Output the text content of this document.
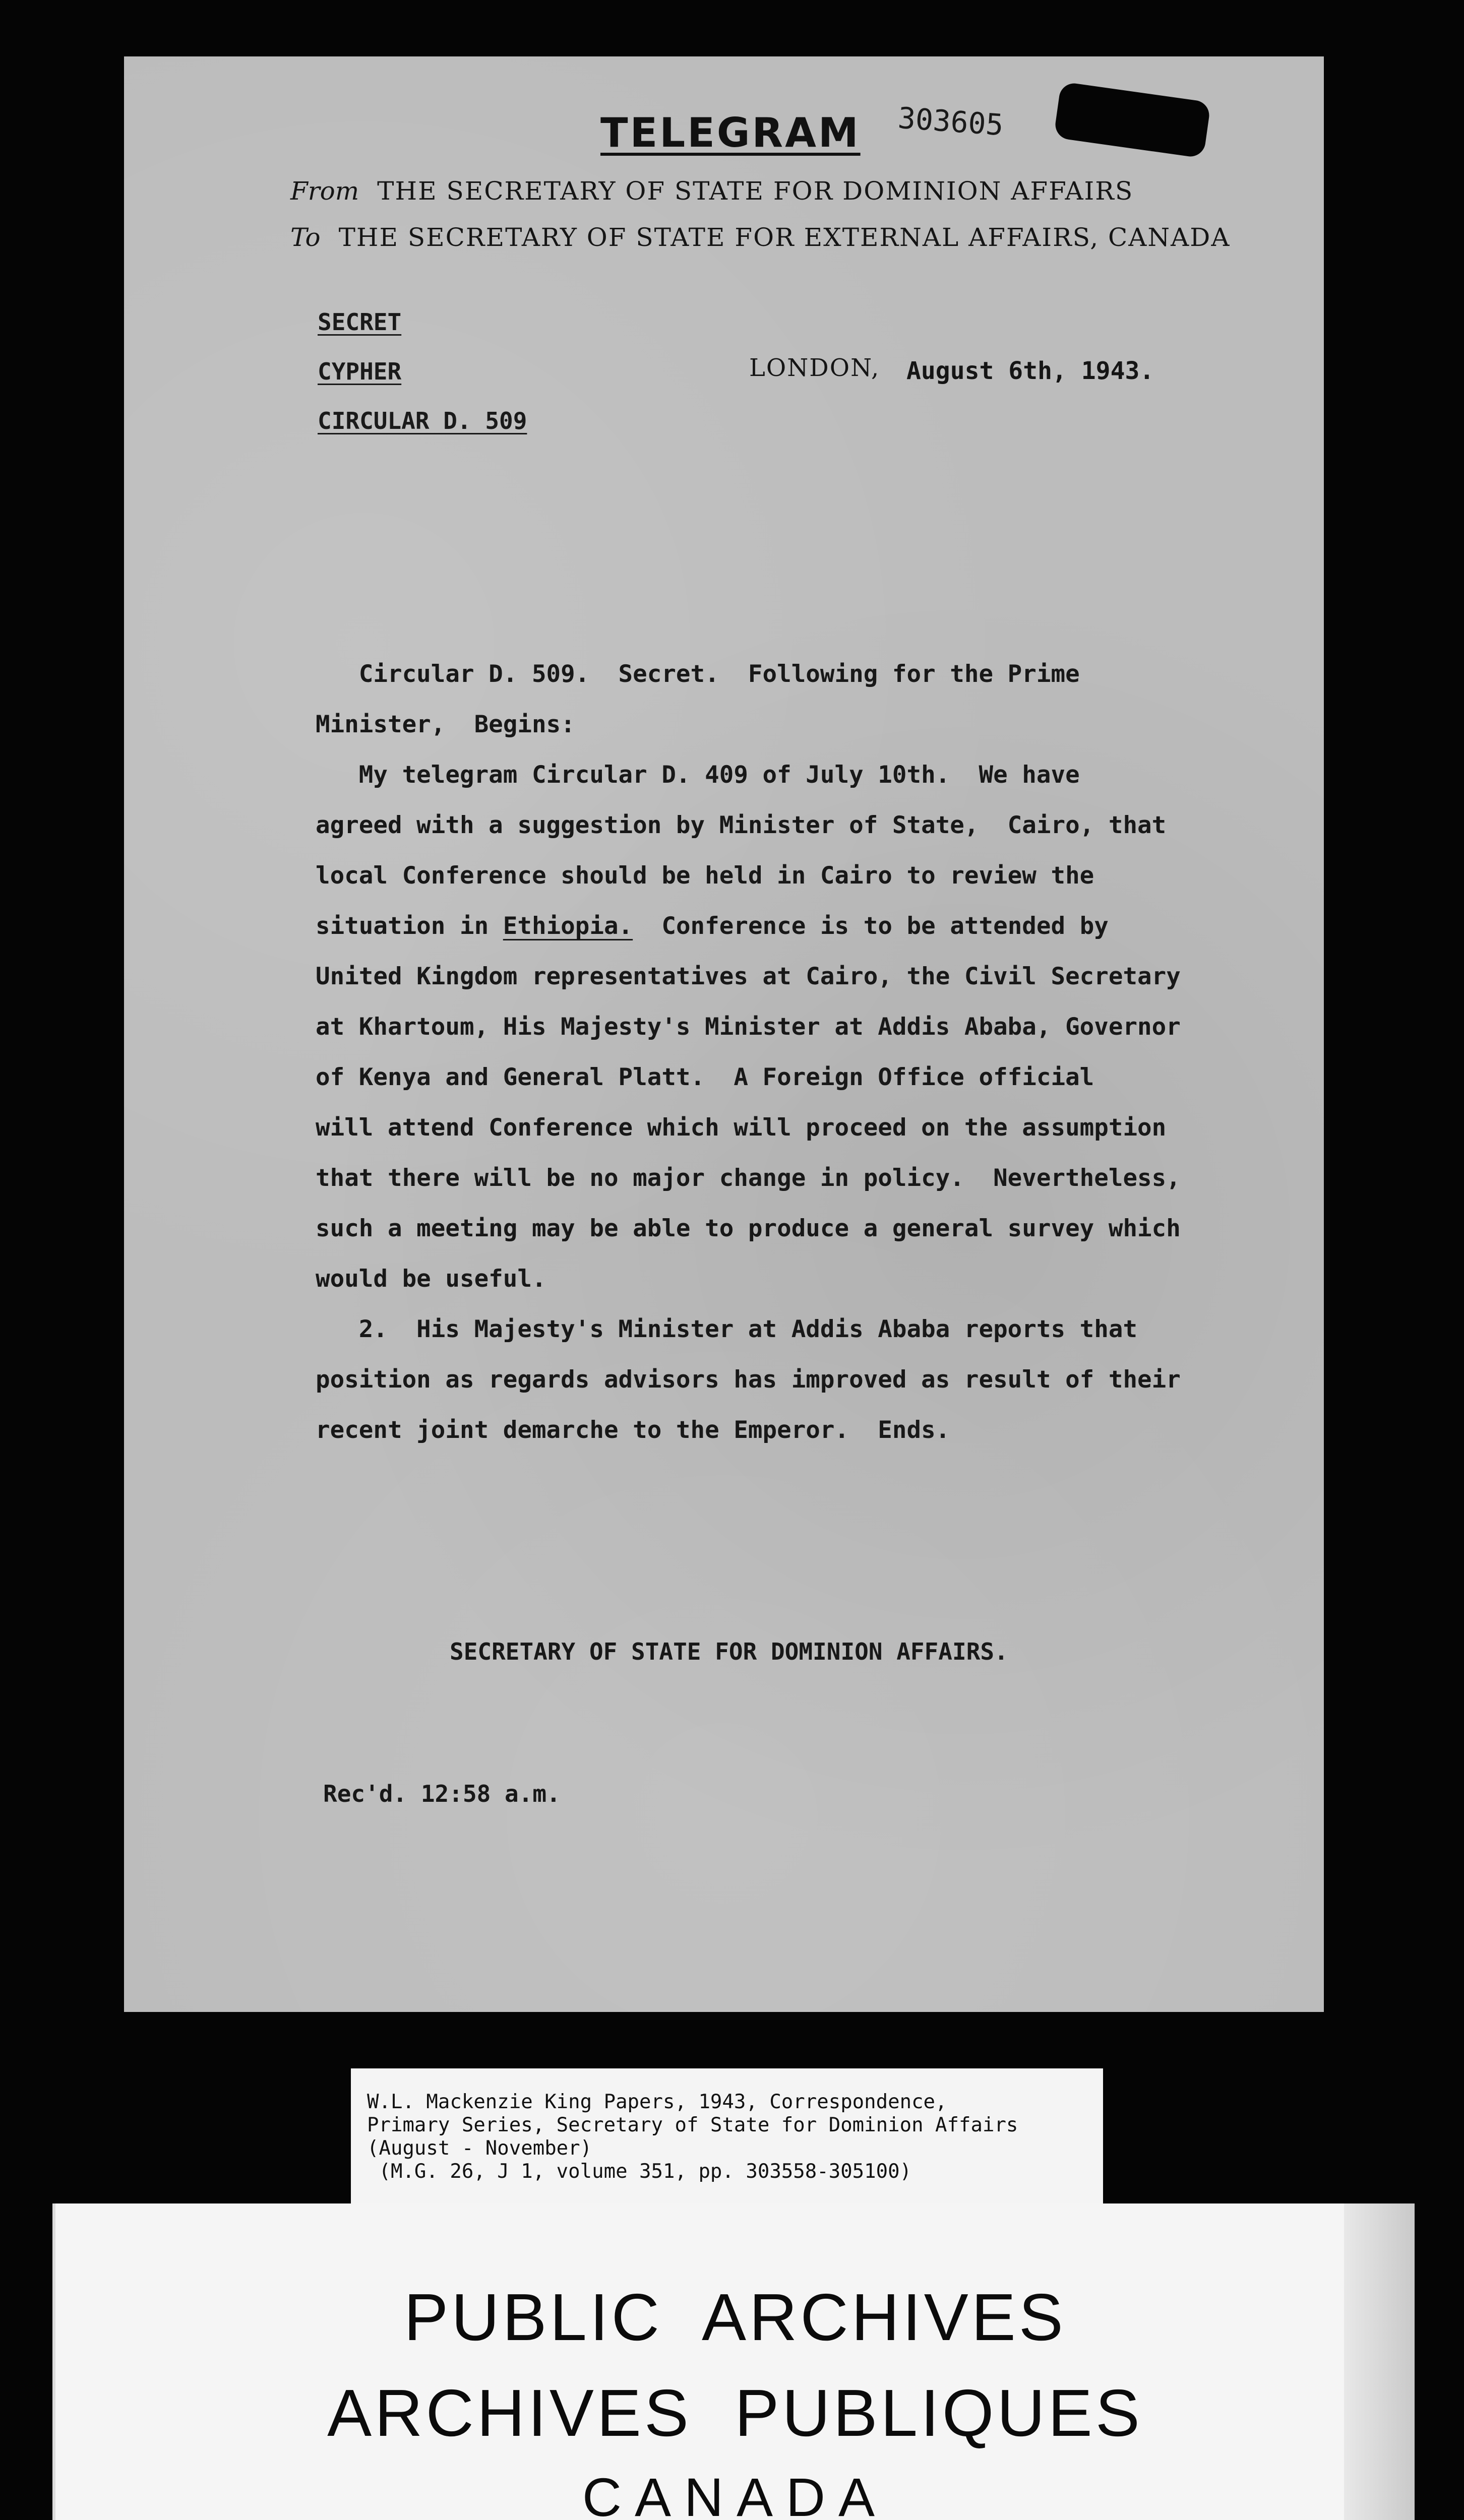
TELEGRAM 303605
From THE SECRETARY OF STATE FOR DOMINION AFFAIRS
To THE SECRETARY OF STATE FOR EXTERNAL AFFAIRS, CANADA
SECRET
CYPHER
CIRCULAR D. 509
LONDON, August 6th, 1943.
Circular D. 509.  Secret.  Following for the Prime
Minister,  Begins:
My telegram Circular D. 409 of July 10th.  We have
agreed with a suggestion by Minister of State,  Cairo, that
local Conference should be held in Cairo to review the
situation in Ethiopia.  Conference is to be attended by
United Kingdom representatives at Cairo, the Civil Secretary
at Khartoum, His Majesty's Minister at Addis Ababa, Governor
of Kenya and General Platt.  A Foreign Office official
will attend Conference which will proceed on the assumption
that there will be no major change in policy.  Nevertheless,
such a meeting may be able to produce a general survey which
would be useful.
2.  His Majesty's Minister at Addis Ababa reports that
position as regards advisors has improved as result of their
recent joint demarche to the Emperor.  Ends.
SECRETARY OF STATE FOR DOMINION AFFAIRS.
Rec'd. 12:58 a.m.
W.L. Mackenzie King Papers, 1943, Correspondence,
Primary Series, Secretary of State for Dominion Affairs
(August - November)
(M.G. 26, J 1, volume 351, pp. 303558-305100)
PUBLIC  ARCHIVES
ARCHIVES  PUBLIQUES
CANADA
